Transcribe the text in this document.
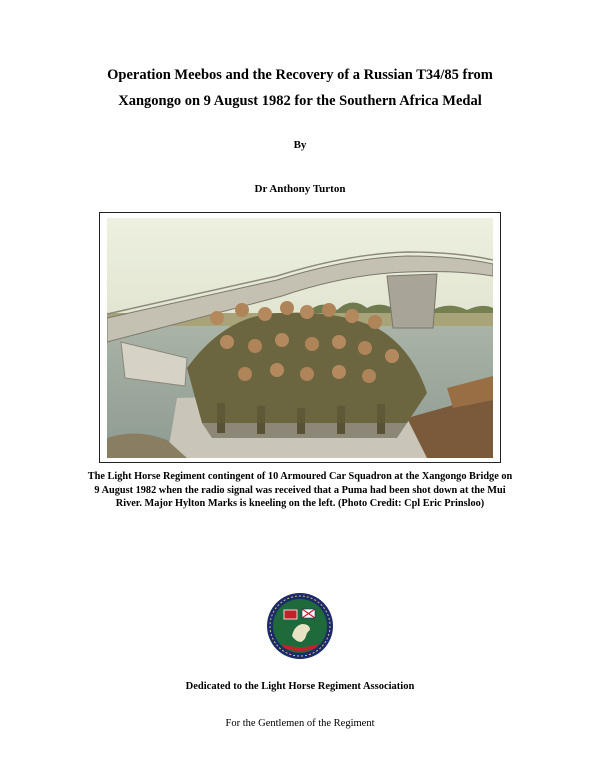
Operation Meebos and the Recovery of a Russian T34/85 from
Xangongo on 9 August 1982 for the Southern Africa Medal
By
Dr Anthony Turton
The Light Horse Regiment contingent of 10 Armoured Car Squadron at the Xangongo Bridge on 9 August 1982 when the radio signal was received that a Puma had been shot down at the Mui River. Major Hylton Marks is kneeling on the left. (Photo Credit: Cpl Eric Prinsloo)
Dedicated to the Light Horse Regiment Association
For the Gentlemen of the Regiment
